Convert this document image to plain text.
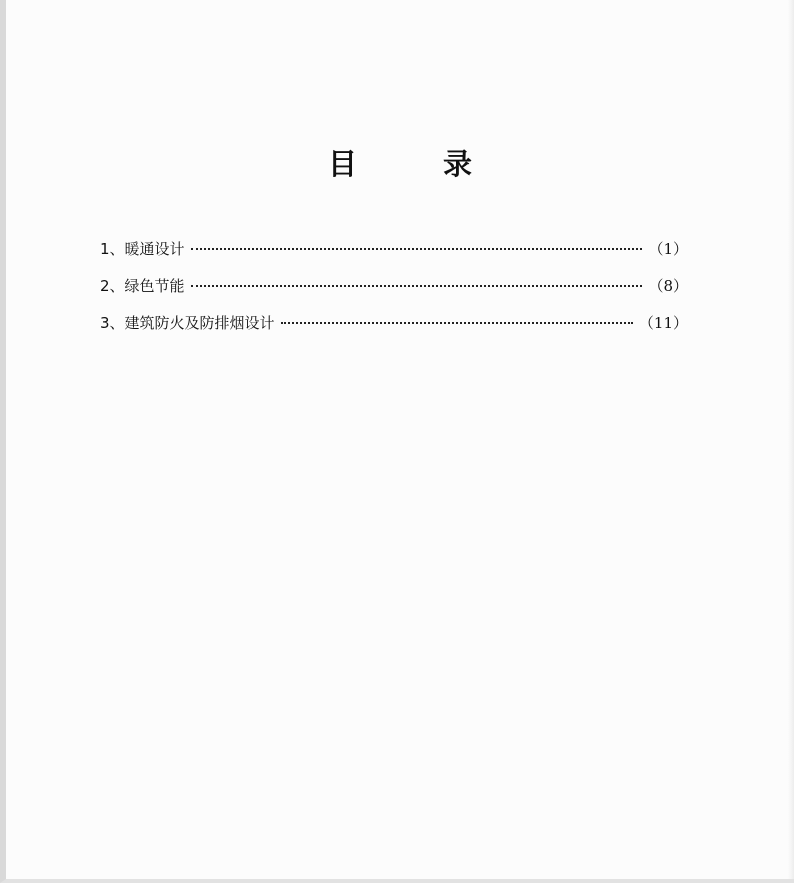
目 录
1、暖通设计	（1）
2、绿色节能	（8）
3、建筑防火及防排烟设计	（11）
